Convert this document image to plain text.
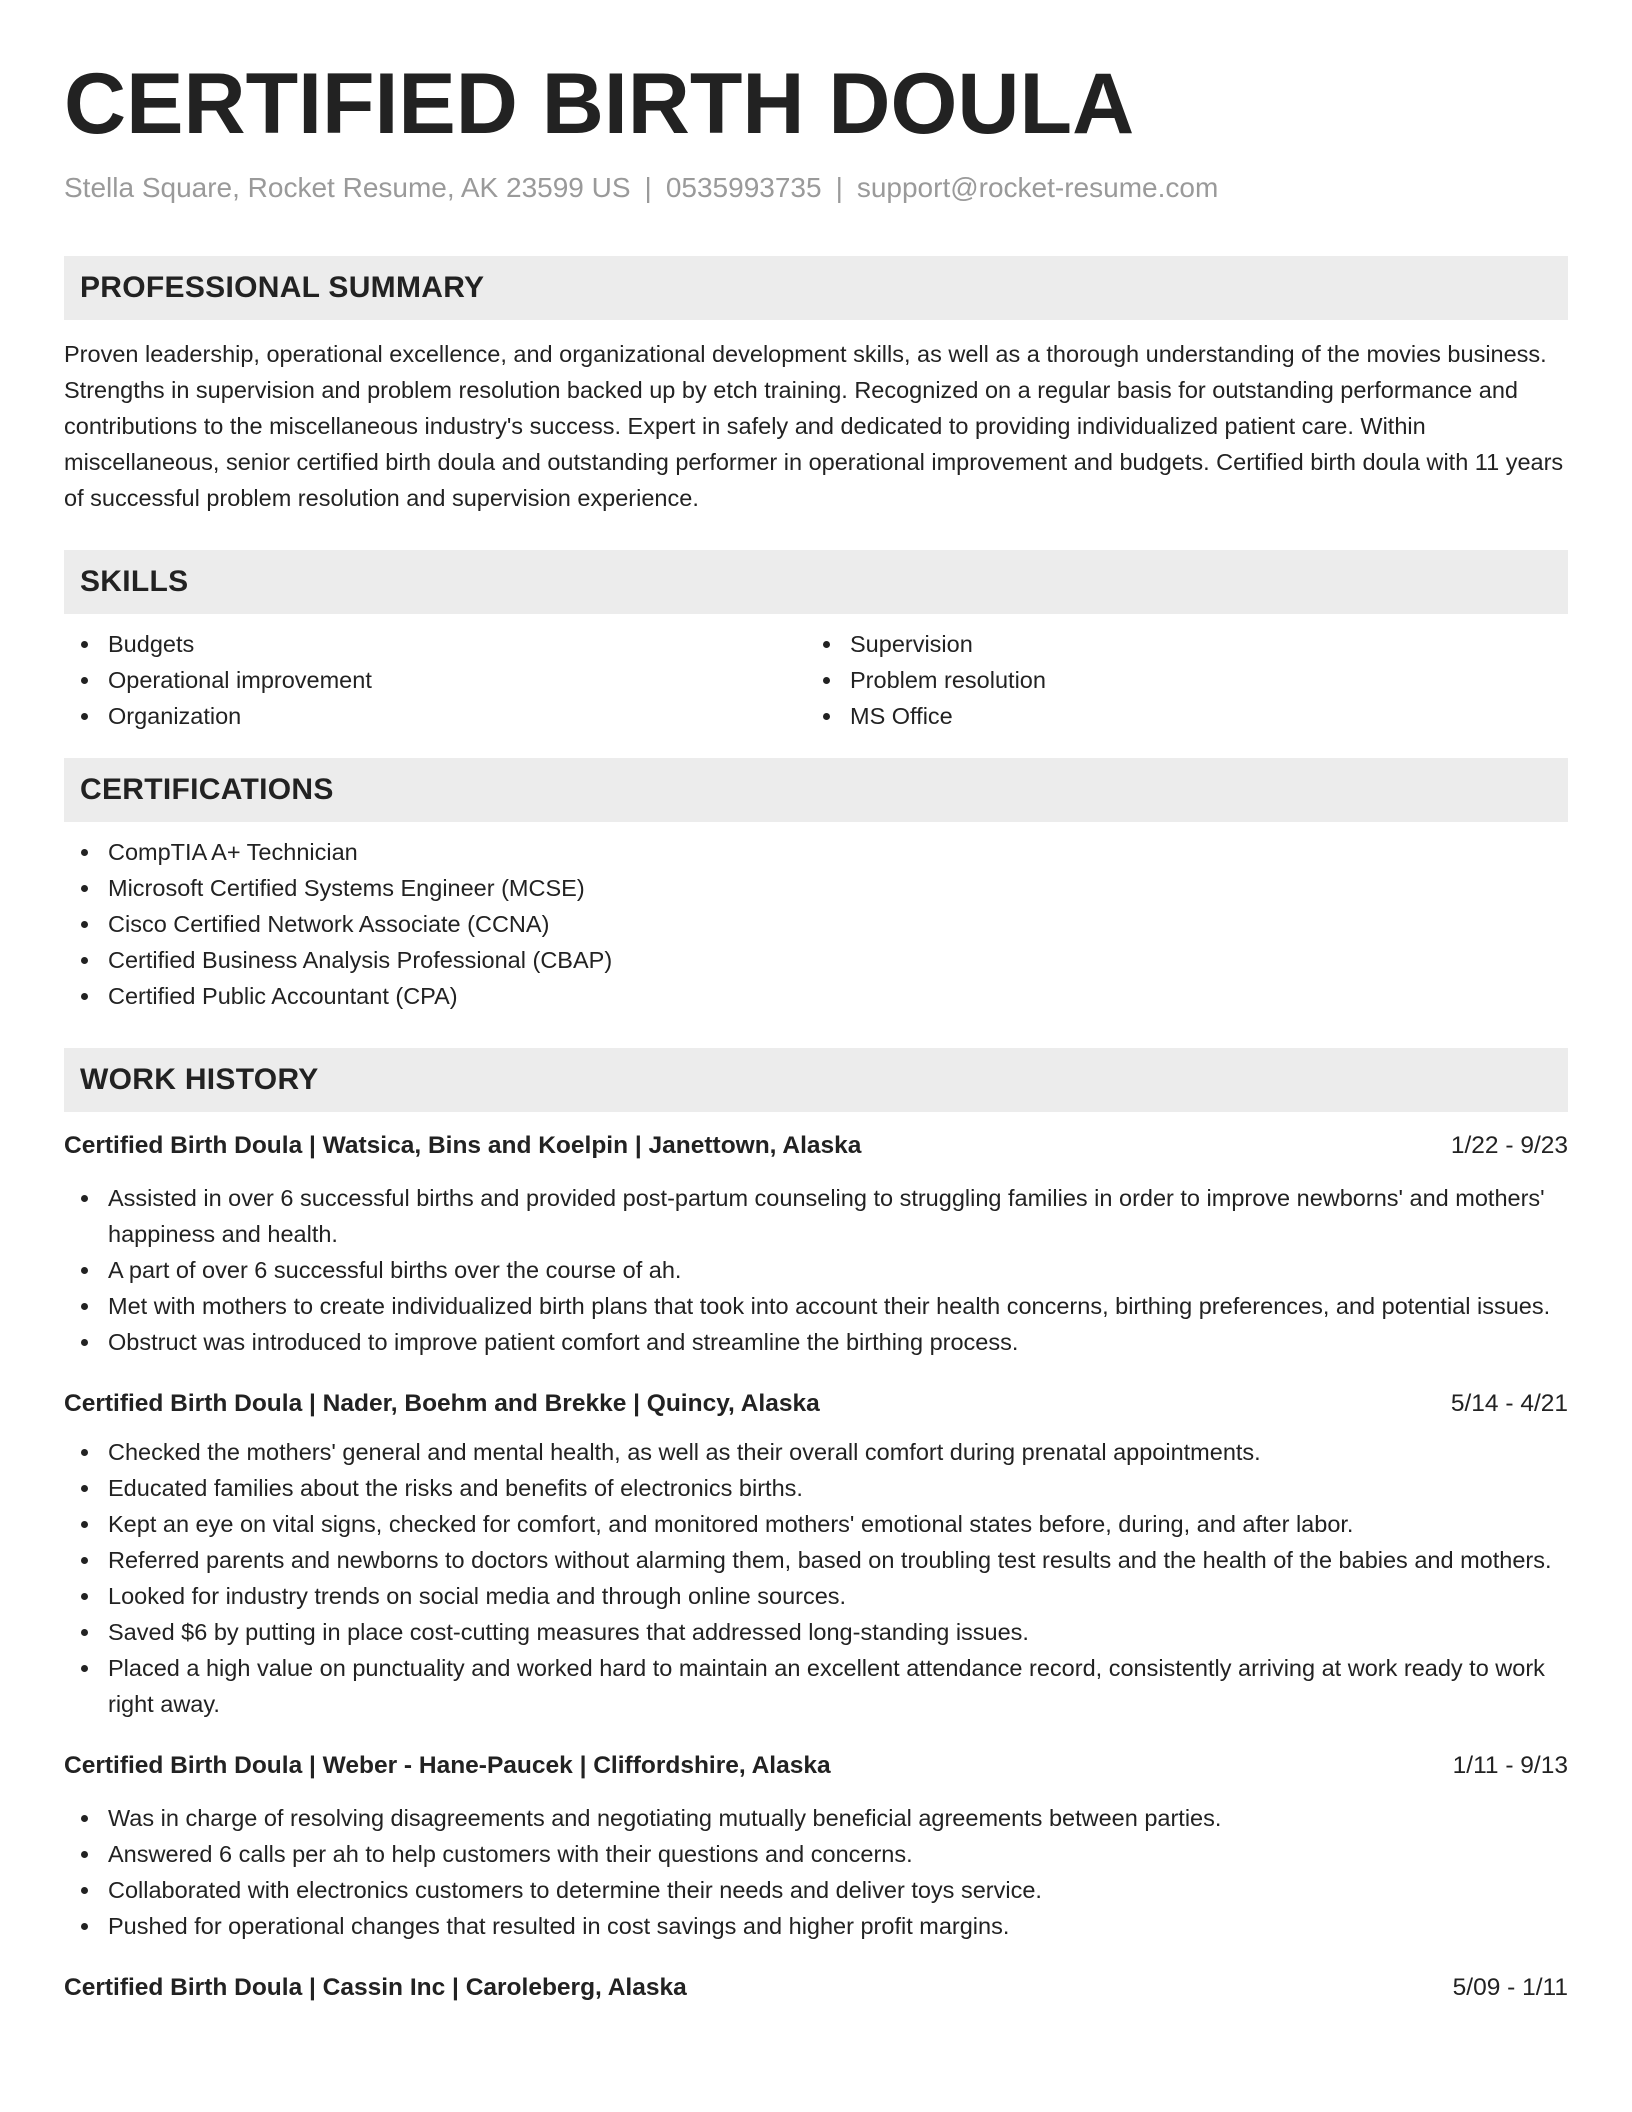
CERTIFIED BIRTH DOULA
Stella Square, Rocket Resume, AK 23599 US | 0535993735 | support@rocket-resume.com
PROFESSIONAL SUMMARY
Proven leadership, operational excellence, and organizational development skills, as well as a thorough understanding of the movies business. Strengths in supervision and problem resolution backed up by etch training. Recognized on a regular basis for outstanding performance and contributions to the miscellaneous industry's success. Expert in safely and dedicated to providing individualized patient care. Within miscellaneous, senior certified birth doula and outstanding performer in operational improvement and budgets. Certified birth doula with 11 years of successful problem resolution and supervision experience.
SKILLS
Budgets
Operational improvement
Organization
Supervision
Problem resolution
MS Office
CERTIFICATIONS
CompTIA A+ Technician
Microsoft Certified Systems Engineer (MCSE)
Cisco Certified Network Associate (CCNA)
Certified Business Analysis Professional (CBAP)
Certified Public Accountant (CPA)
WORK HISTORY
Certified Birth Doula | Watsica, Bins and Koelpin | Janettown, Alaska	1/22 - 9/23
Assisted in over 6 successful births and provided post-partum counseling to struggling families in order to improve newborns' and mothers' happiness and health.
A part of over 6 successful births over the course of ah.
Met with mothers to create individualized birth plans that took into account their health concerns, birthing preferences, and potential issues.
Obstruct was introduced to improve patient comfort and streamline the birthing process.
Certified Birth Doula | Nader, Boehm and Brekke | Quincy, Alaska	5/14 - 4/21
Checked the mothers' general and mental health, as well as their overall comfort during prenatal appointments.
Educated families about the risks and benefits of electronics births.
Kept an eye on vital signs, checked for comfort, and monitored mothers' emotional states before, during, and after labor.
Referred parents and newborns to doctors without alarming them, based on troubling test results and the health of the babies and mothers.
Looked for industry trends on social media and through online sources.
Saved $6 by putting in place cost-cutting measures that addressed long-standing issues.
Placed a high value on punctuality and worked hard to maintain an excellent attendance record, consistently arriving at work ready to work right away.
Certified Birth Doula | Weber - Hane-Paucek | Cliffordshire, Alaska	1/11 - 9/13
Was in charge of resolving disagreements and negotiating mutually beneficial agreements between parties.
Answered 6 calls per ah to help customers with their questions and concerns.
Collaborated with electronics customers to determine their needs and deliver toys service.
Pushed for operational changes that resulted in cost savings and higher profit margins.
Certified Birth Doula | Cassin Inc | Caroleberg, Alaska	5/09 - 1/11
